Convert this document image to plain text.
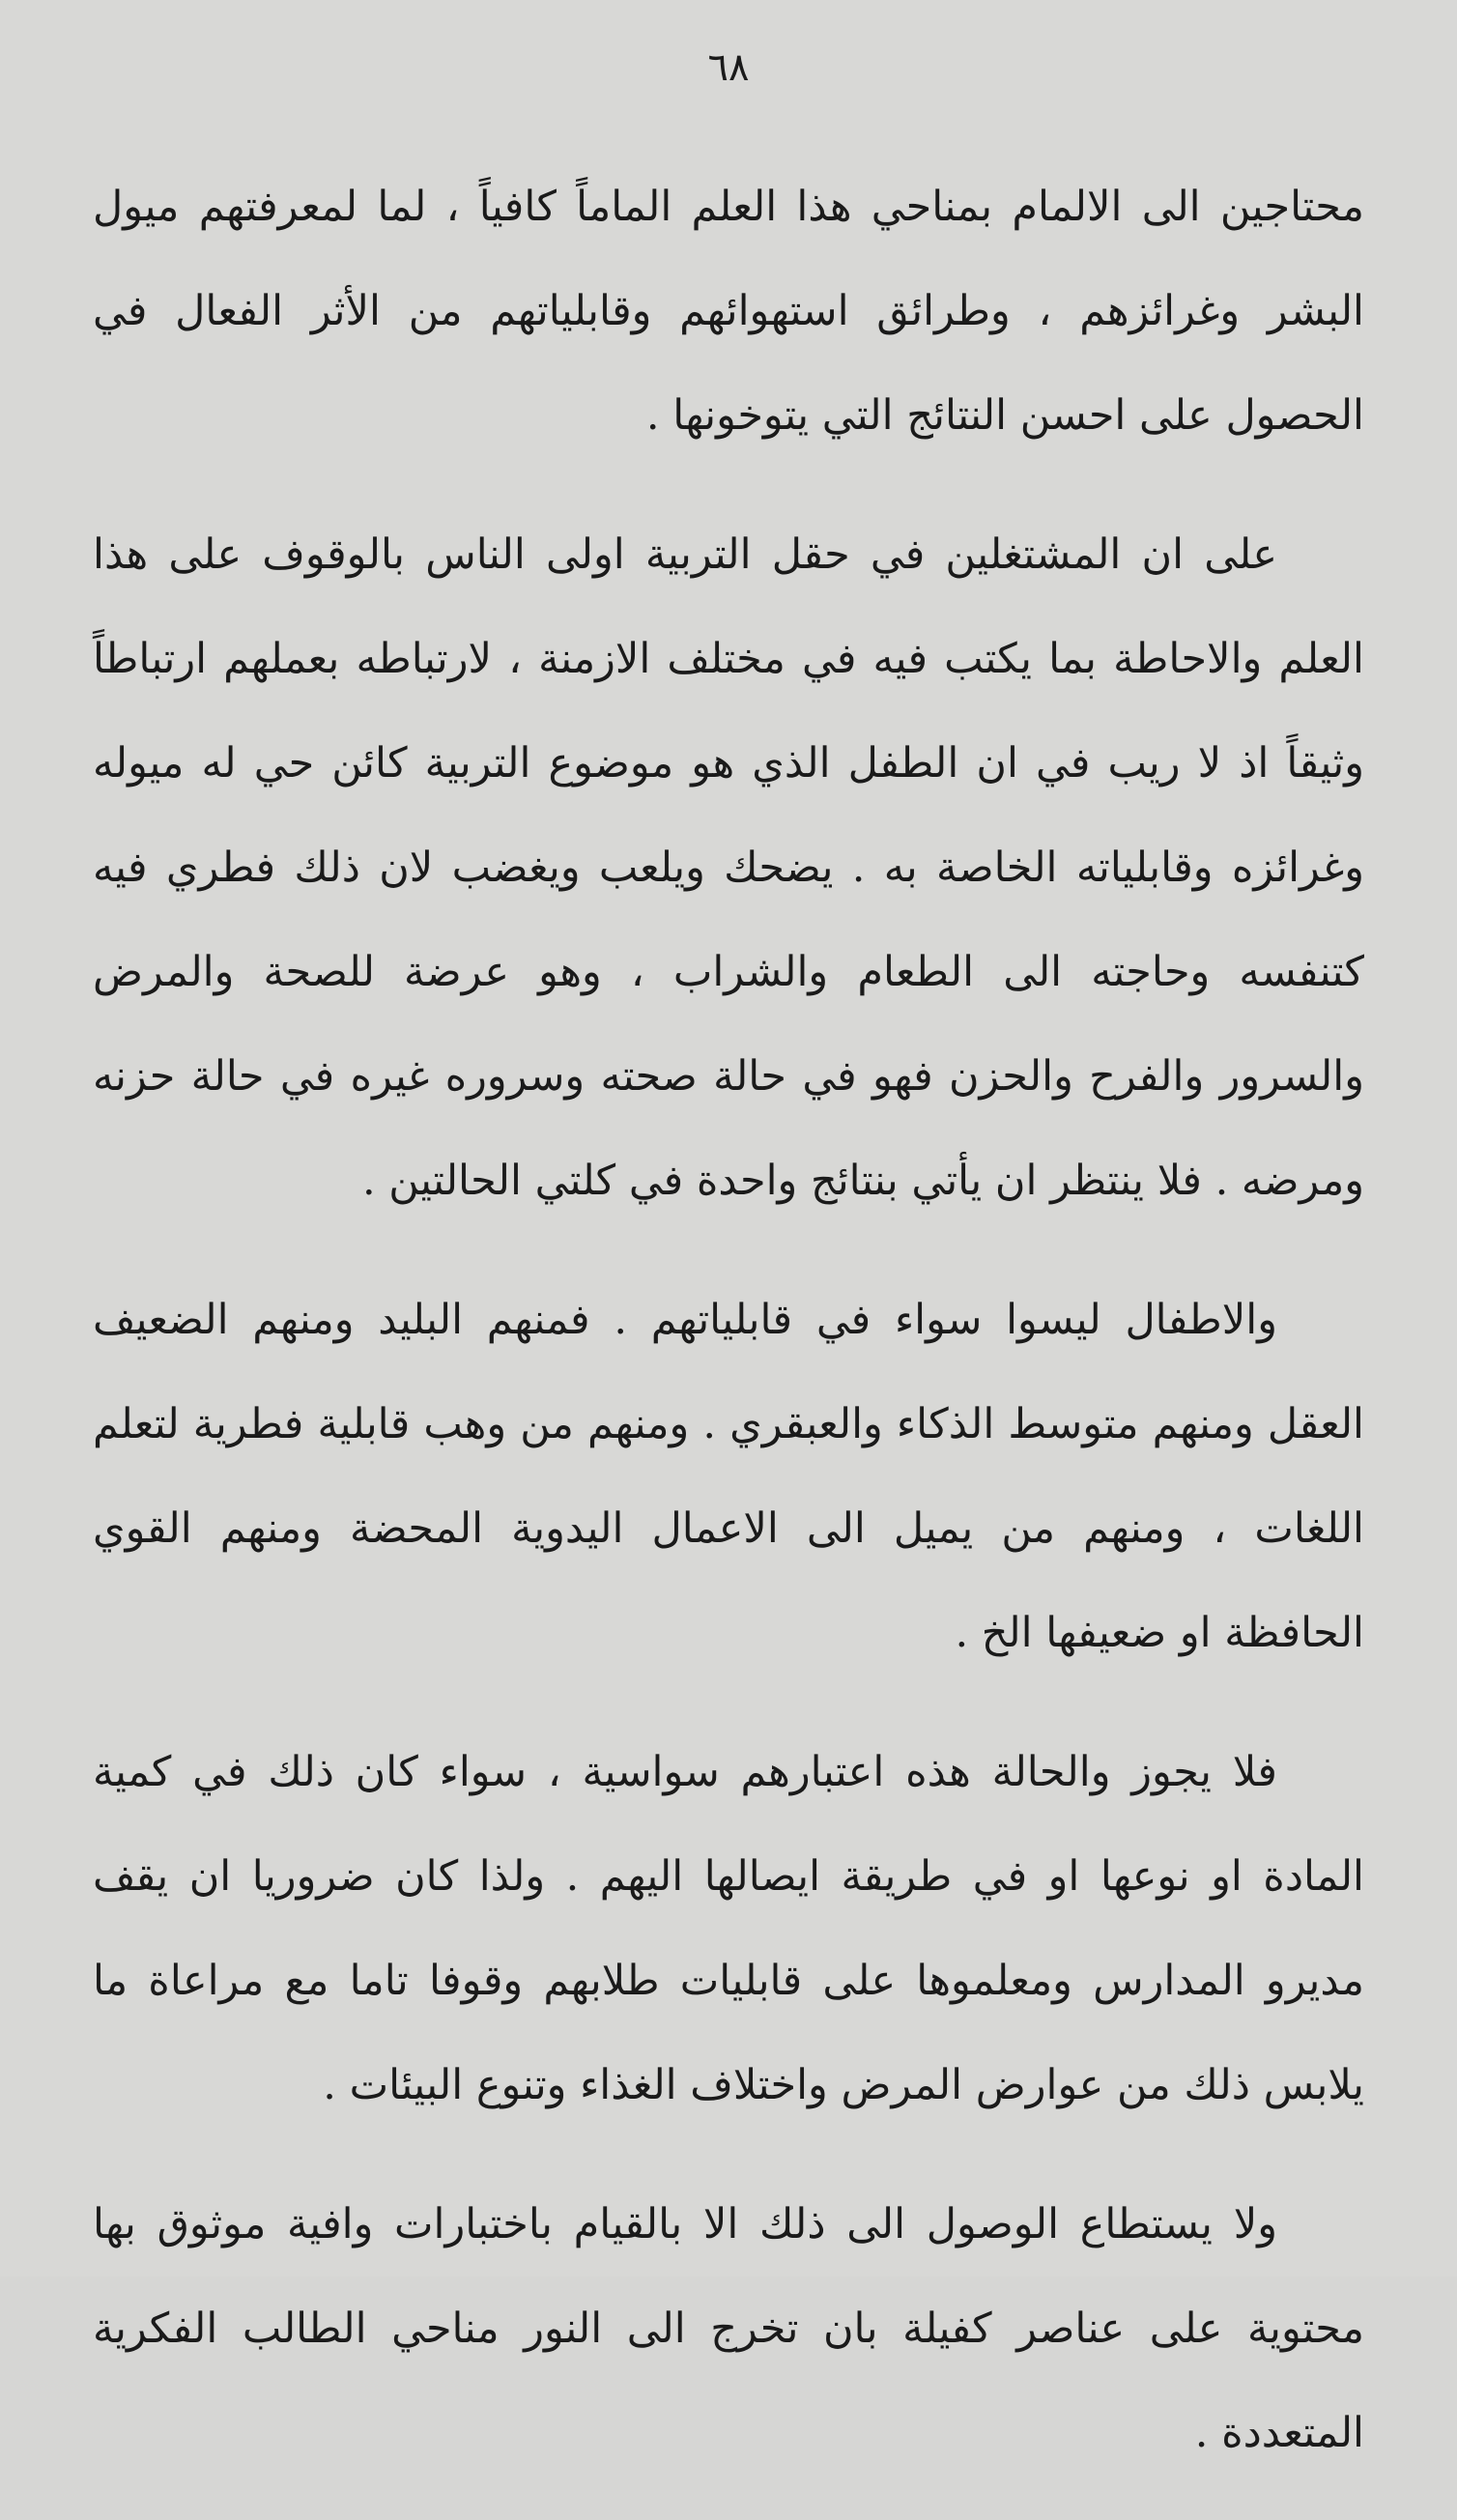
٦٨

محتاجين الى الالمام بمناحي هذا العلم الماماً كافياً ، لما لمعرفتهم ميول البشر وغرائزهم ، وطرائق استهوائهم وقابلياتهم من الأثر الفعال في الحصول على احسن النتائج التي يتوخونها .

على ان المشتغلين في حقل التربية اولى الناس بالوقوف على هذا العلم والاحاطة بما يكتب فيه في مختلف الازمنة ، لارتباطه بعملهم ارتباطاً وثيقاً اذ لا ريب في ان الطفل الذي هو موضوع التربية كائن حي له ميوله وغرائزه وقابلياته الخاصة به . يضحك ويلعب ويغضب لان ذلك فطري فيه كتنفسه وحاجته الى الطعام والشراب ، وهو عرضة للصحة والمرض والسرور والفرح والحزن فهو في حالة صحته وسروره غيره في حالة حزنه ومرضه . فلا ينتظر ان يأتي بنتائج واحدة في كلتي الحالتين .

والاطفال ليسوا سواء في قابلياتهم . فمنهم البليد ومنهم الضعيف العقل ومنهم متوسط الذكاء والعبقري . ومنهم من وهب قابلية فطرية لتعلم اللغات ، ومنهم من يميل الى الاعمال اليدوية المحضة ومنهم القوي الحافظة او ضعيفها الخ .

فلا يجوز والحالة هذه اعتبارهم سواسية ، سواء كان ذلك في كمية المادة او نوعها او في طريقة ايصالها اليهم . ولذا كان ضروريا ان يقف مديرو المدارس ومعلموها على قابليات طلابهم وقوفا تاما مع مراعاة ما يلابس ذلك من عوارض المرض واختلاف الغذاء وتنوع البيئات .

ولا يستطاع الوصول الى ذلك الا بالقيام باختبارات وافية موثوق بها محتوية على عناصر كفيلة بان تخرج الى النور مناحي الطالب الفكرية المتعددة .
